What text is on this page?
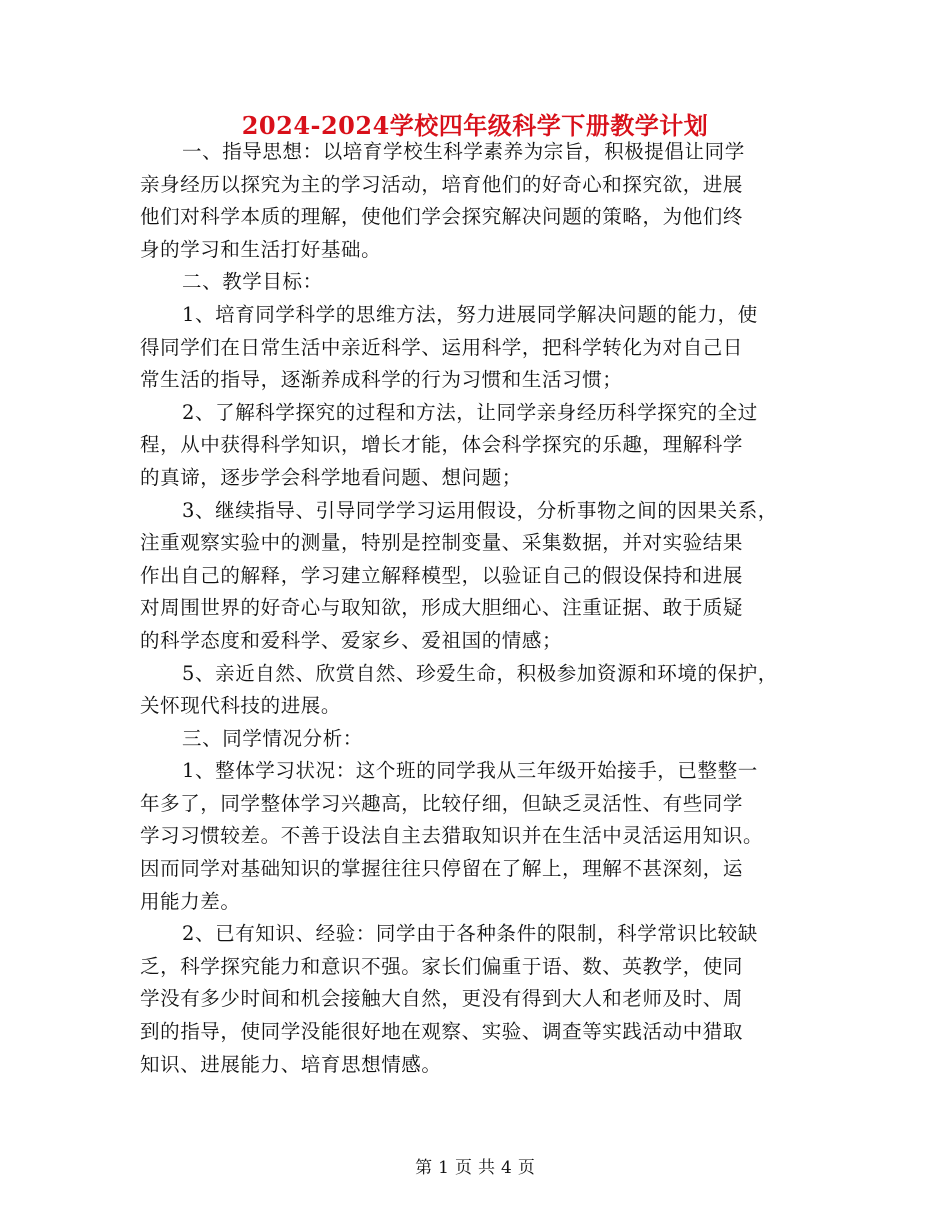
2024-2024学校四年级科学下册教学计划
一、指导思想：以培育学校生科学素养为宗旨，积极提倡让同学
亲身经历以探究为主的学习活动，培育他们的好奇心和探究欲，进展
他们对科学本质的理解，使他们学会探究解决问题的策略，为他们终
身的学习和生活打好基础。
二、教学目标：
1、培育同学科学的思维方法，努力进展同学解决问题的能力，使
得同学们在日常生活中亲近科学、运用科学，把科学转化为对自己日
常生活的指导，逐渐养成科学的行为习惯和生活习惯；
2、了解科学探究的过程和方法，让同学亲身经历科学探究的全过
程，从中获得科学知识，增长才能，体会科学探究的乐趣，理解科学
的真谛，逐步学会科学地看问题、想问题；
3、继续指导、引导同学学习运用假设，分析事物之间的因果关系，
注重观察实验中的测量，特别是控制变量、采集数据，并对实验结果
作出自己的解释，学习建立解释模型，以验证自己的假设保持和进展
对周围世界的好奇心与取知欲，形成大胆细心、注重证据、敢于质疑
的科学态度和爱科学、爱家乡、爱祖国的情感；
5、亲近自然、欣赏自然、珍爱生命，积极参加资源和环境的保护，
关怀现代科技的进展。
三、同学情况分析：
1、整体学习状况：这个班的同学我从三年级开始接手，已整整一
年多了，同学整体学习兴趣高，比较仔细，但缺乏灵活性、有些同学
学习习惯较差。不善于设法自主去猎取知识并在生活中灵活运用知识。
因而同学对基础知识的掌握往往只停留在了解上，理解不甚深刻，运
用能力差。
2、已有知识、经验：同学由于各种条件的限制，科学常识比较缺
乏，科学探究能力和意识不强。家长们偏重于语、数、英教学，使同
学没有多少时间和机会接触大自然，更没有得到大人和老师及时、周
到的指导，使同学没能很好地在观察、实验、调查等实践活动中猎取
知识、进展能力、培育思想情感。
第 1 页 共 4 页
